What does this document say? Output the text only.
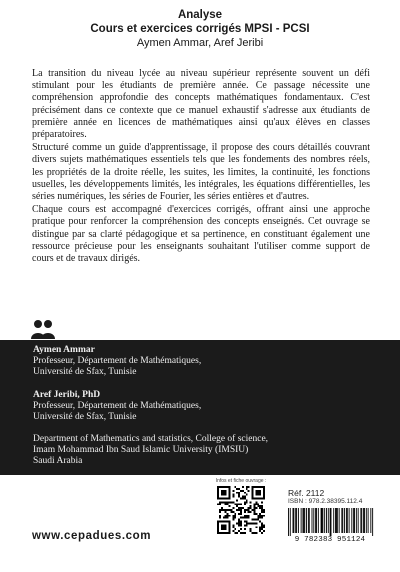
Analyse
Cours et exercices corrigés MPSI - PCSI
Aymen Ammar, Aref Jeribi

La transition du niveau lycée au niveau supérieur représente souvent un défi stimulant pour les étudiants de première année. Ce passage nécessite une compréhension approfondie des concepts mathématiques fondamentaux. C'est précisément dans ce contexte que ce manuel exhaustif s'adresse aux étudiants de première année en licences de mathématiques ainsi qu'aux élèves en classes préparatoires.

Structuré comme un guide d'apprentissage, il propose des cours détaillés couvrant divers sujets mathématiques essentiels tels que les fondements des nombres réels, les propriétés de la droite réelle, les suites, les limites, la continuité, les fonctions usuelles, les développements limités, les intégrales, les équations différentielles, les séries numériques, les séries de Fourier, les séries entières et d'autres.

Chaque cours est accompagné d'exercices corrigés, offrant ainsi une approche pratique pour renforcer la compréhension des concepts enseignés. Cet ouvrage se distingue par sa clarté pédagogique et sa pertinence, en constituant également une ressource précieuse pour les enseignants souhaitant l'utiliser comme support de cours et de travaux dirigés.

Aymen Ammar
Professeur, Département de Mathématiques,
Université de Sfax, Tunisie
Aref Jeribi, PhD
Professeur, Département de Mathématiques,
Université de Sfax, Tunisie
Department of Mathematics and statistics, College of science,
Imam Mohammad Ibn Saud Islamic University (IMSIU)
Saudi Arabia
Infos et fiche ouvrage :
Réf. 2112
ISBN : 978.2.38395.112.4
9 782383 951124
www.cepadues.com
